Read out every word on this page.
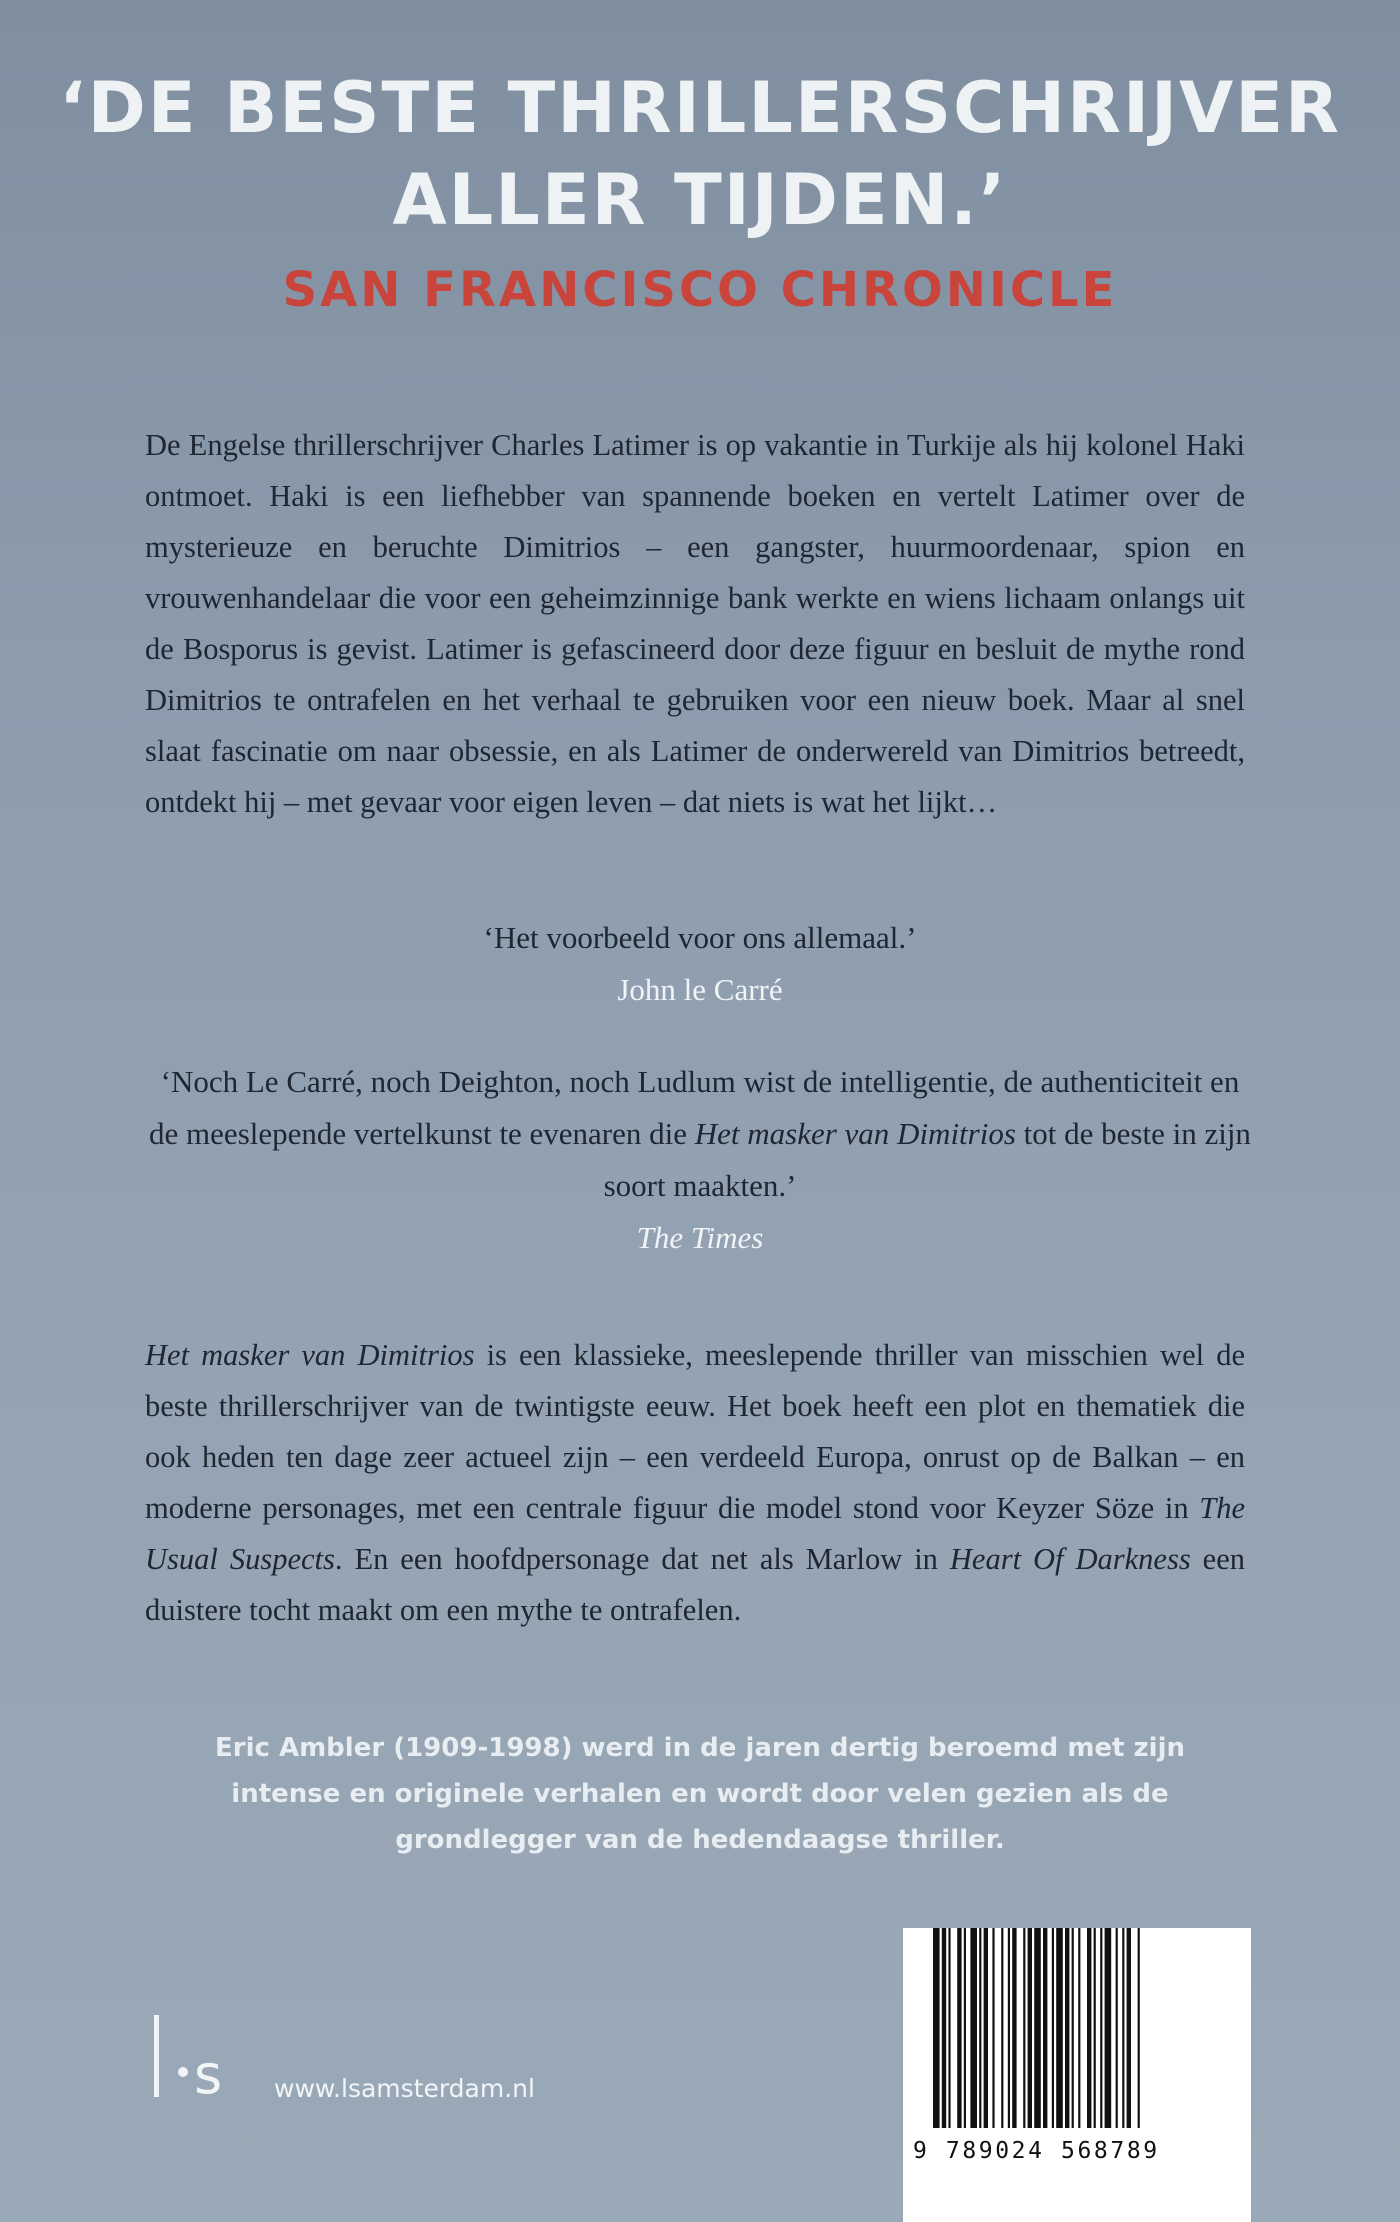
‘DE BESTE THRILLERSCHRIJVER
ALLER TIJDEN.’
SAN FRANCISCO CHRONICLE
De Engelse thrillerschrijver Charles Latimer is op vakantie in Turkije als hij kolonel Haki ontmoet. Haki is een liefhebber van spannende boeken en vertelt Latimer over de mysterieuze en beruchte Dimitrios – een gangster, huurmoordenaar, spion en vrouwenhandelaar die voor een geheimzinnige bank werkte en wiens lichaam onlangs uit de Bosporus is gevist. Latimer is gefascineerd door deze figuur en besluit de mythe rond Dimitrios te ontrafelen en het verhaal te gebruiken voor een nieuw boek. Maar al snel slaat fascinatie om naar obsessie, en als Latimer de onderwereld van Dimitrios betreedt, ontdekt hij – met gevaar voor eigen leven – dat niets is wat het lijkt…
‘Het voorbeeld voor ons allemaal.’
John le Carré
‘Noch Le Carré, noch Deighton, noch Ludlum wist de intelligentie, de authenticiteit en de meeslepende vertelkunst te evenaren die Het masker van Dimitrios tot de beste in zijn soort maakten.’
The Times
Het masker van Dimitrios is een klassieke, meeslepende thriller van misschien wel de beste thrillerschrijver van de twintigste eeuw. Het boek heeft een plot en thematiek die ook heden ten dage zeer actueel zijn – een verdeeld Europa, onrust op de Balkan – en moderne personages, met een centrale figuur die model stond voor Keyzer Söze in The Usual Suspects. En een hoofdpersonage dat net als Marlow in Heart Of Darkness een duistere tocht maakt om een mythe te ontrafelen.
Eric Ambler (1909-1998) werd in de jaren dertig beroemd met zijn intense en originele verhalen en wordt door velen gezien als de grondlegger van de hedendaagse thriller.
s www.lsamsterdam.nl
9 789024 568789
